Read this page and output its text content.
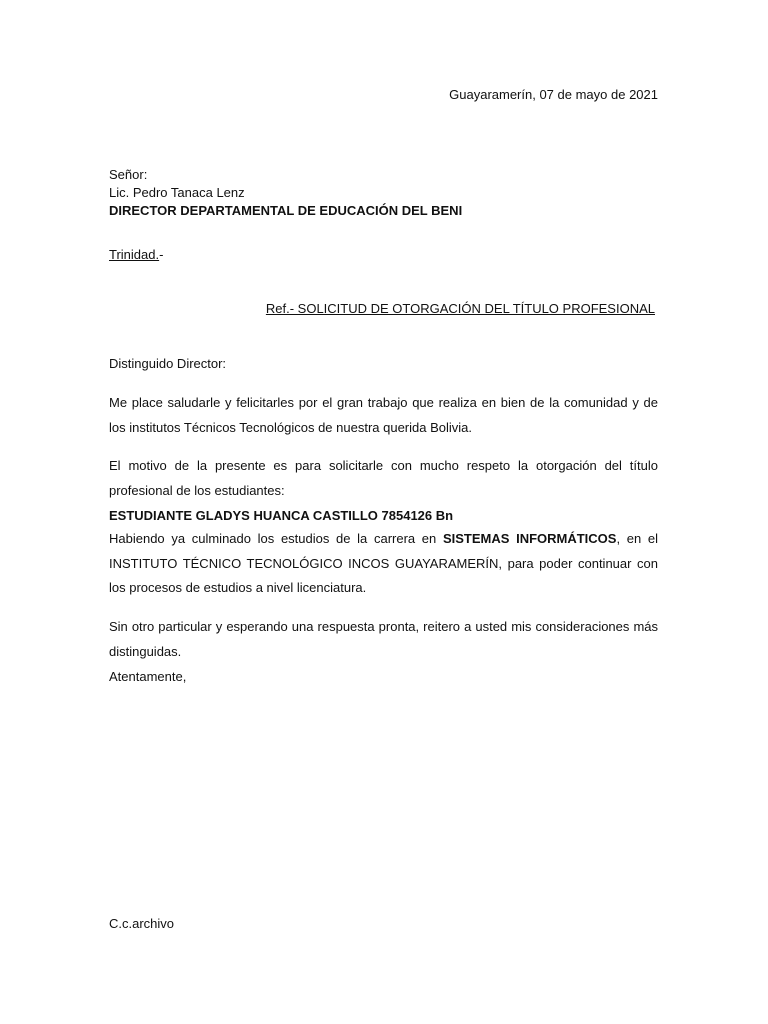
Guayaramerín, 07 de mayo de 2021
Señor:
Lic. Pedro Tanaca Lenz
DIRECTOR DEPARTAMENTAL DE EDUCACIÓN DEL BENI
Trinidad.-
Ref.- SOLICITUD DE OTORGACIÓN DEL TÍTULO PROFESIONAL
Distinguido Director:
Me place saludarle y felicitarles por el gran trabajo que realiza en bien de la comunidad y de los institutos Técnicos Tecnológicos de nuestra querida Bolivia.
El motivo de la presente es para solicitarle con mucho respeto la otorgación del título profesional de los estudiantes:
ESTUDIANTE GLADYS HUANCA CASTILLO 7854126 Bn
Habiendo ya culminado los estudios de la carrera en SISTEMAS INFORMÁTICOS, en el INSTITUTO TÉCNICO TECNOLÓGICO INCOS GUAYARAMERÍN, para poder continuar con los procesos de estudios a nivel licenciatura.
Sin otro particular y esperando una respuesta pronta, reitero a usted mis consideraciones más distinguidas.
Atentamente,
C.c.archivo
